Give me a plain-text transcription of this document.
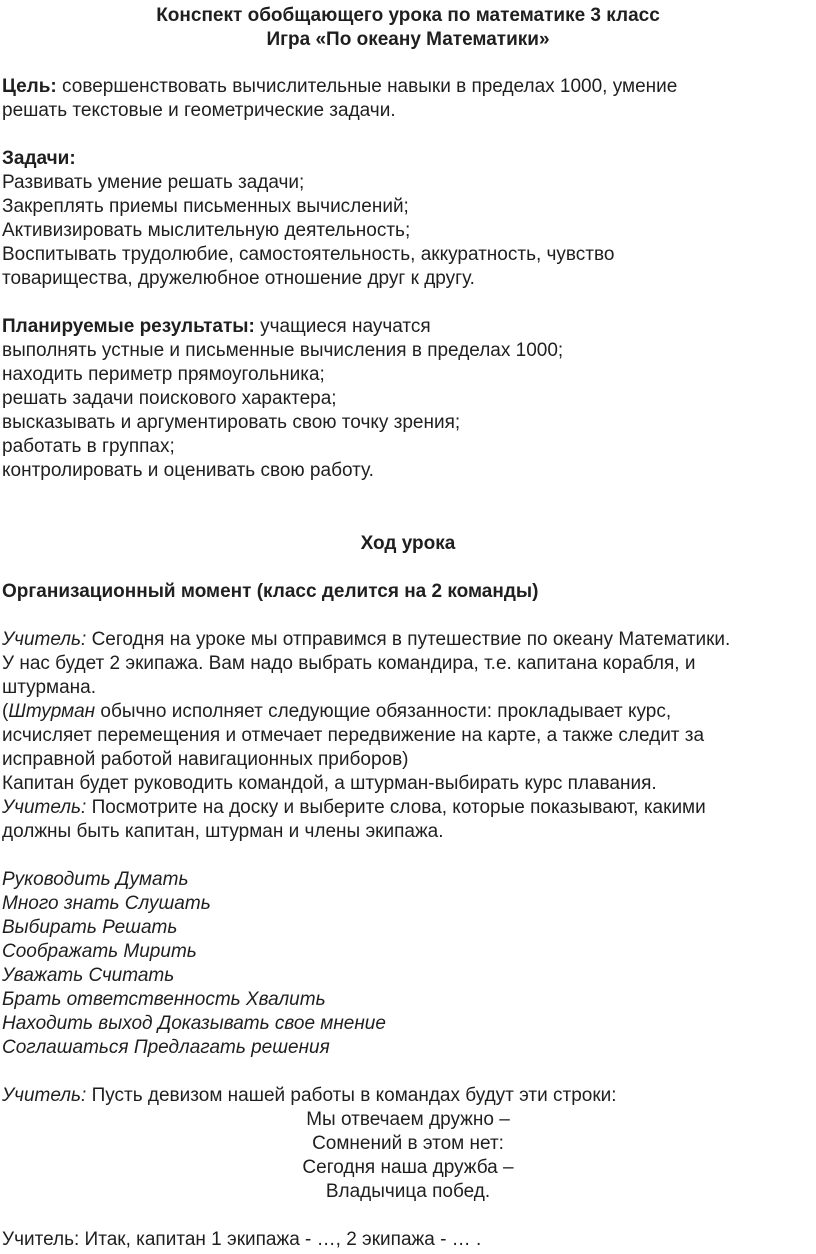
Конспект обобщающего урока по математике 3 класс
Игра «По океану Математики»
Цель: совершенствовать вычислительные навыки в пределах 1000, умение
решать текстовые и геометрические задачи.
Задачи:
Развивать умение решать задачи;
Закреплять приемы письменных вычислений;
Активизировать мыслительную деятельность;
Воспитывать трудолюбие, самостоятельность, аккуратность, чувство
товарищества, дружелюбное отношение друг к другу.
Планируемые результаты: учащиеся научатся
выполнять устные и письменные вычисления в пределах 1000;
находить периметр прямоугольника;
решать задачи поискового характера;
высказывать и аргументировать свою точку зрения;
работать в группах;
контролировать и оценивать свою работу.
Ход урока
Организационный момент (класс делится на 2 команды)
Учитель: Сегодня на уроке мы отправимся в путешествие по океану Математики.
У нас будет 2 экипажа. Вам надо выбрать командира, т.е. капитана корабля, и
штурмана.
(Штурман обычно исполняет следующие обязанности: прокладывает курс,
исчисляет перемещения и отмечает передвижение на карте, а также следит за
исправной работой навигационных приборов)
Капитан будет руководить командой, а штурман-выбирать курс плавания.
Учитель: Посмотрите на доску и выберите слова, которые показывают, какими
должны быть капитан, штурман и члены экипажа.
Руководить Думать
Много знать Слушать
Выбирать Решать
Соображать Мирить
Уважать Считать
Брать ответственность Хвалить
Находить выход Доказывать свое мнение
Соглашаться Предлагать решения
Учитель: Пусть девизом нашей работы в командах будут эти строки:
Мы отвечаем дружно –
Сомнений в этом нет:
Сегодня наша дружба –
Владычица побед.
Учитель: Итак, капитан 1 экипажа - …, 2 экипажа - … .
